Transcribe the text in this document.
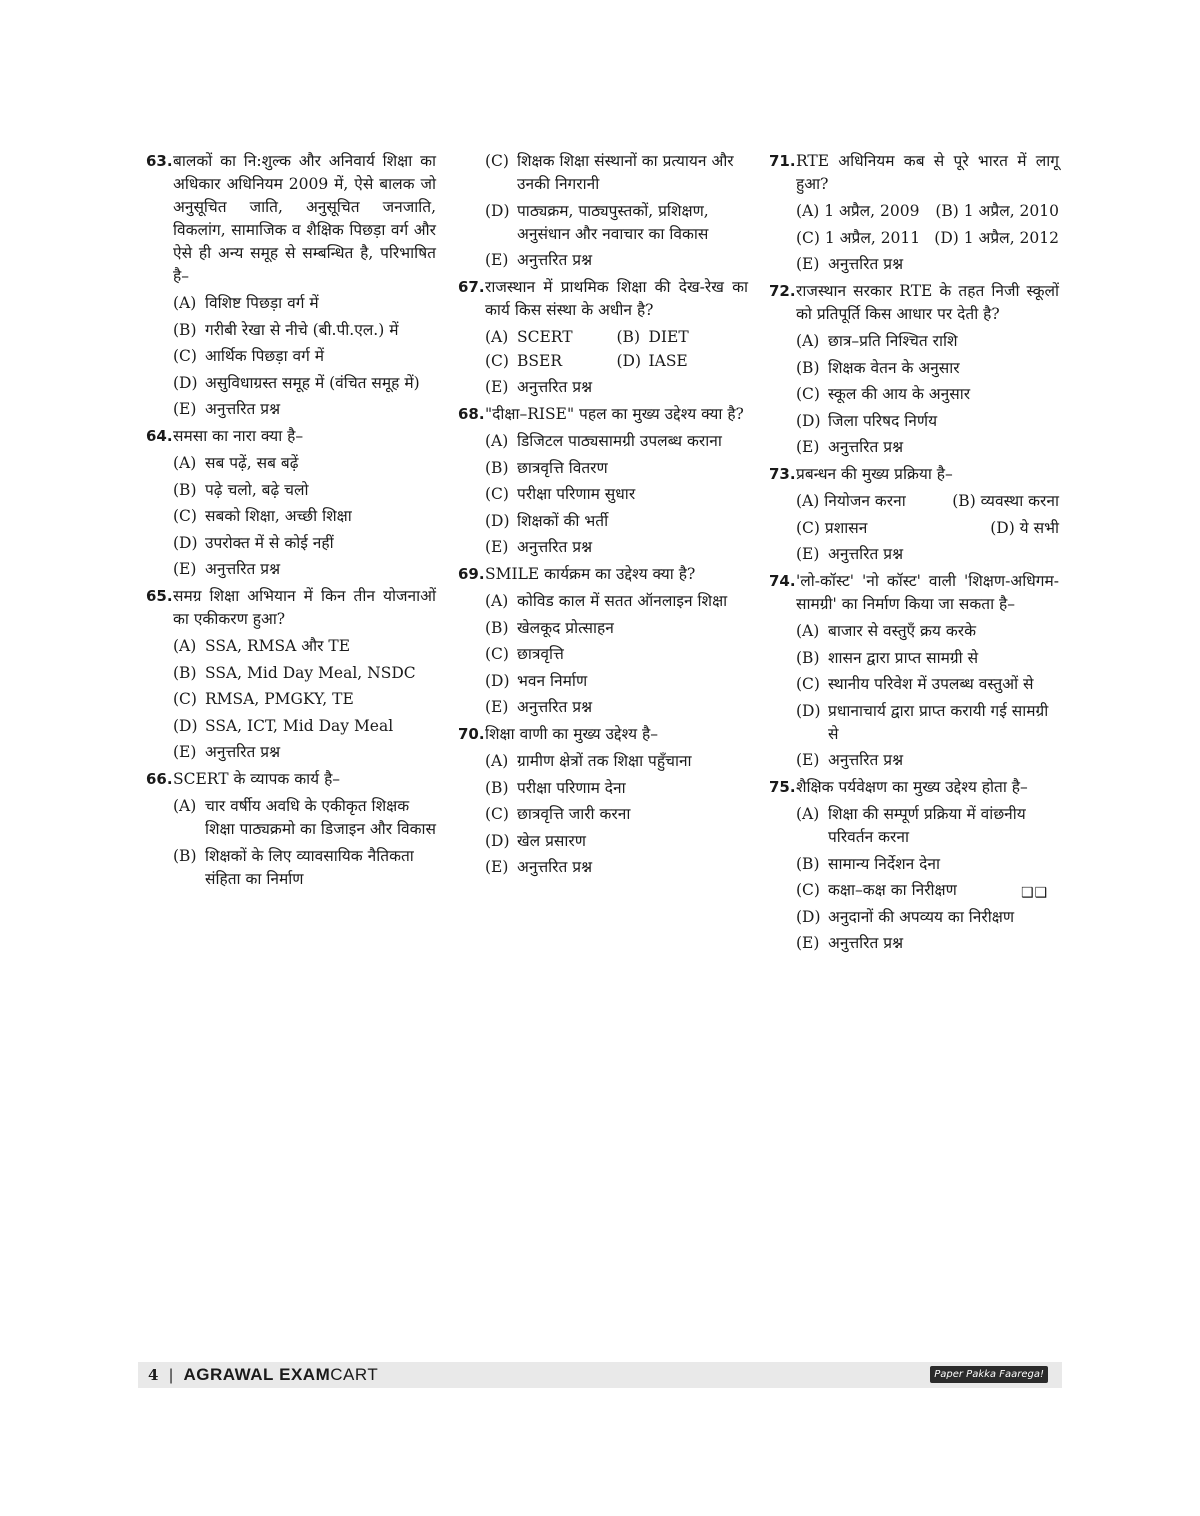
63. बालकों का नि:शुल्क और अनिवार्य शिक्षा का अधिकार अधिनियम 2009 में, ऐसे बालक जो अनुसूचित जाति, अनुसूचित जनजाति, विकलांग, सामाजिक व शैक्षिक पिछड़ा वर्ग और ऐसे ही अन्य समूह से सम्बन्धित है, परिभाषित है–
(A) विशिष्ट पिछड़ा वर्ग में
(B) गरीबी रेखा से नीचे (बी.पी.एल.) में
(C) आर्थिक पिछड़ा वर्ग में
(D) असुविधाग्रस्त समूह में (वंचित समूह में)
(E) अनुत्तरित प्रश्न
64. समसा का नारा क्या है–
(A) सब पढ़ें, सब बढ़ें
(B) पढ़े चलो, बढ़े चलो
(C) सबको शिक्षा, अच्छी शिक्षा
(D) उपरोक्त में से कोई नहीं
(E) अनुत्तरित प्रश्न
65. समग्र शिक्षा अभियान में किन तीन योजनाओं का एकीकरण हुआ?
(A) SSA, RMSA और TE
(B) SSA, Mid Day Meal, NSDC
(C) RMSA, PMGKY, TE
(D) SSA, ICT, Mid Day Meal
(E) अनुत्तरित प्रश्न
66. SCERT के व्यापक कार्य है–
(A) चार वर्षीय अवधि के एकीकृत शिक्षक शिक्षा पाठ्यक्रमो का डिजाइन और विकास
(B) शिक्षकों के लिए व्यावसायिक नैतिकता संहिता का निर्माण
(C) शिक्षक शिक्षा संस्थानों का प्रत्यायन और उनकी निगरानी
(D) पाठ्यक्रम, पाठ्यपुस्तकों, प्रशिक्षण, अनुसंधान और नवाचार का विकास
(E) अनुत्तरित प्रश्न
67. राजस्थान में प्राथमिक शिक्षा की देख-रेख का कार्य किस संस्था के अधीन है?
(A) SCERT	(B) DIET
(C) BSER	(D) IASE
(E) अनुत्तरित प्रश्न
68. "दीक्षा–RISE" पहल का मुख्य उद्देश्य क्या है?
(A) डिजिटल पाठ्यसामग्री उपलब्ध कराना
(B) छात्रवृत्ति वितरण
(C) परीक्षा परिणाम सुधार
(D) शिक्षकों की भर्ती
(E) अनुत्तरित प्रश्न
69. SMILE कार्यक्रम का उद्देश्य क्या है?
(A) कोविड काल में सतत ऑनलाइन शिक्षा
(B) खेलकूद प्रोत्साहन
(C) छात्रवृत्ति
(D) भवन निर्माण
(E) अनुत्तरित प्रश्न
70. शिक्षा वाणी का मुख्य उद्देश्य है–
(A) ग्रामीण क्षेत्रों तक शिक्षा पहुँचाना
(B) परीक्षा परिणाम देना
(C) छात्रवृत्ति जारी करना
(D) खेल प्रसारण
(E) अनुत्तरित प्रश्न
71. RTE अधिनियम कब से पूरे भारत में लागू हुआ?
(A) 1 अप्रैल, 2009 (B) 1 अप्रैल, 2010
(C) 1 अप्रैल, 2011 (D) 1 अप्रैल, 2012
(E) अनुत्तरित प्रश्न
72. राजस्थान सरकार RTE के तहत निजी स्कूलों को प्रतिपूर्ति किस आधार पर देती है?
(A) छात्र–प्रति निश्चित राशि
(B) शिक्षक वेतन के अनुसार
(C) स्कूल की आय के अनुसार
(D) जिला परिषद निर्णय
(E) अनुत्तरित प्रश्न
73. प्रबन्धन की मुख्य प्रक्रिया है–
(A) नियोजन करना	(B) व्यवस्था करना
(C) प्रशासन	(D) ये सभी
(E) अनुत्तरित प्रश्न
74. 'लो-कॉस्ट' 'नो कॉस्ट' वाली 'शिक्षण-अधिगम-सामग्री' का निर्माण किया जा सकता है–
(A) बाजार से वस्तुएँ क्रय करके
(B) शासन द्वारा प्राप्त सामग्री से
(C) स्थानीय परिवेश में उपलब्ध वस्तुओं से
(D) प्रधानाचार्य द्वारा प्राप्त करायी गई सामग्री से
(E) अनुत्तरित प्रश्न
75. शैक्षिक पर्यवेक्षण का मुख्य उद्देश्य होता है–
(A) शिक्षा की सम्पूर्ण प्रक्रिया में वांछनीय परिवर्तन करना
(B) सामान्य निर्देशन देना
(C) कक्षा–कक्ष का निरीक्षण
(D) अनुदानों की अपव्यय का निरीक्षण
(E) अनुत्तरित प्रश्न
❑❑
4 | AGRAWAL EXAMCART	Paper Pakka Faarega!
